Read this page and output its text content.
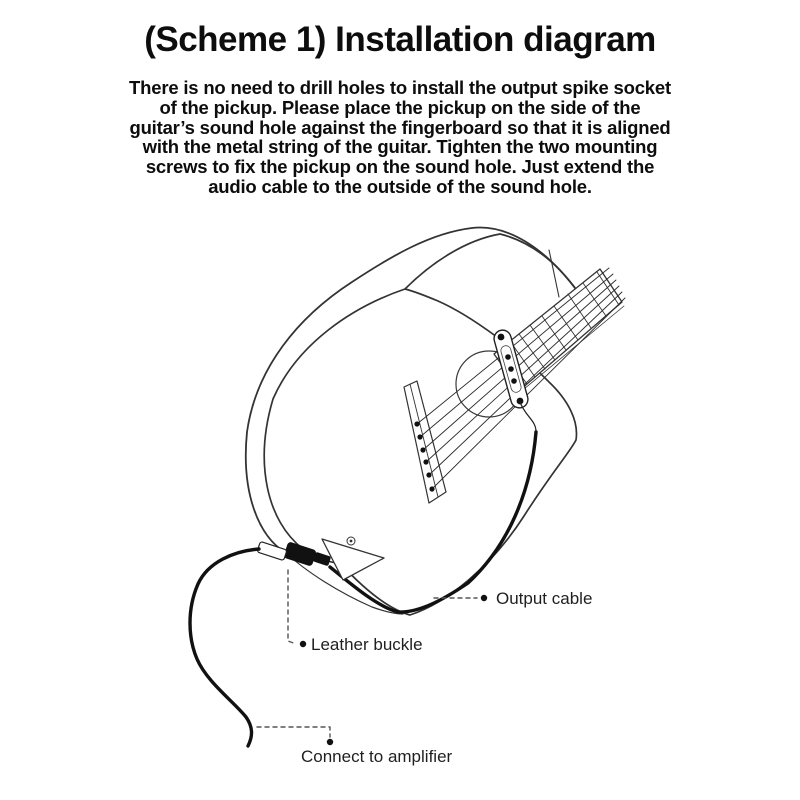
(Scheme 1) Installation diagram
There is no need to drill holes to install the output spike socket
of the pickup. Please place the pickup on the side of the
guitar’s sound hole against the fingerboard so that it is aligned
with the metal string of the guitar. Tighten the two mounting
screws to fix the pickup on the sound hole. Just extend the
audio cable to the outside of the sound hole.
Output cable
Leather buckle
Connect to amplifier
